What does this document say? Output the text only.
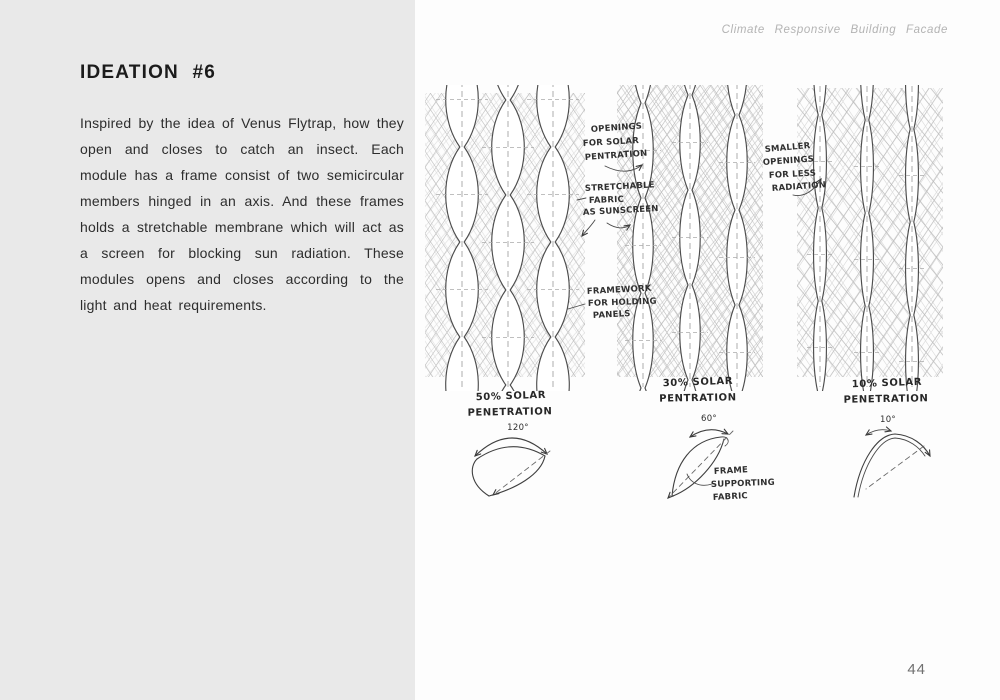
IDEATION #6
Inspired by the idea of Venus Flytrap, how they open and closes to catch an insect. Each module has a frame consist of two semicircular members hinged in an axis. And these frames holds a stretchable membrane which will act as a screen for blocking sun radiation. These modules opens and closes according to the light and heat requirements.
Climate Responsive Building Facade
OPENINGS
FOR SOLAR
PENTRATION
STRETCHABLE
FABRIC
AS SUNSCREEN
FRAMEWORK
FOR HOLDING
PANELS
SMALLER
OPENINGS
FOR LESS
RADIATION
50% SOLAR
PENETRATION
120°
30% SOLAR
PENTRATION
60°
FRAME
SUPPORTING
FABRIC
10% SOLAR
PENETRATION
10°
44
